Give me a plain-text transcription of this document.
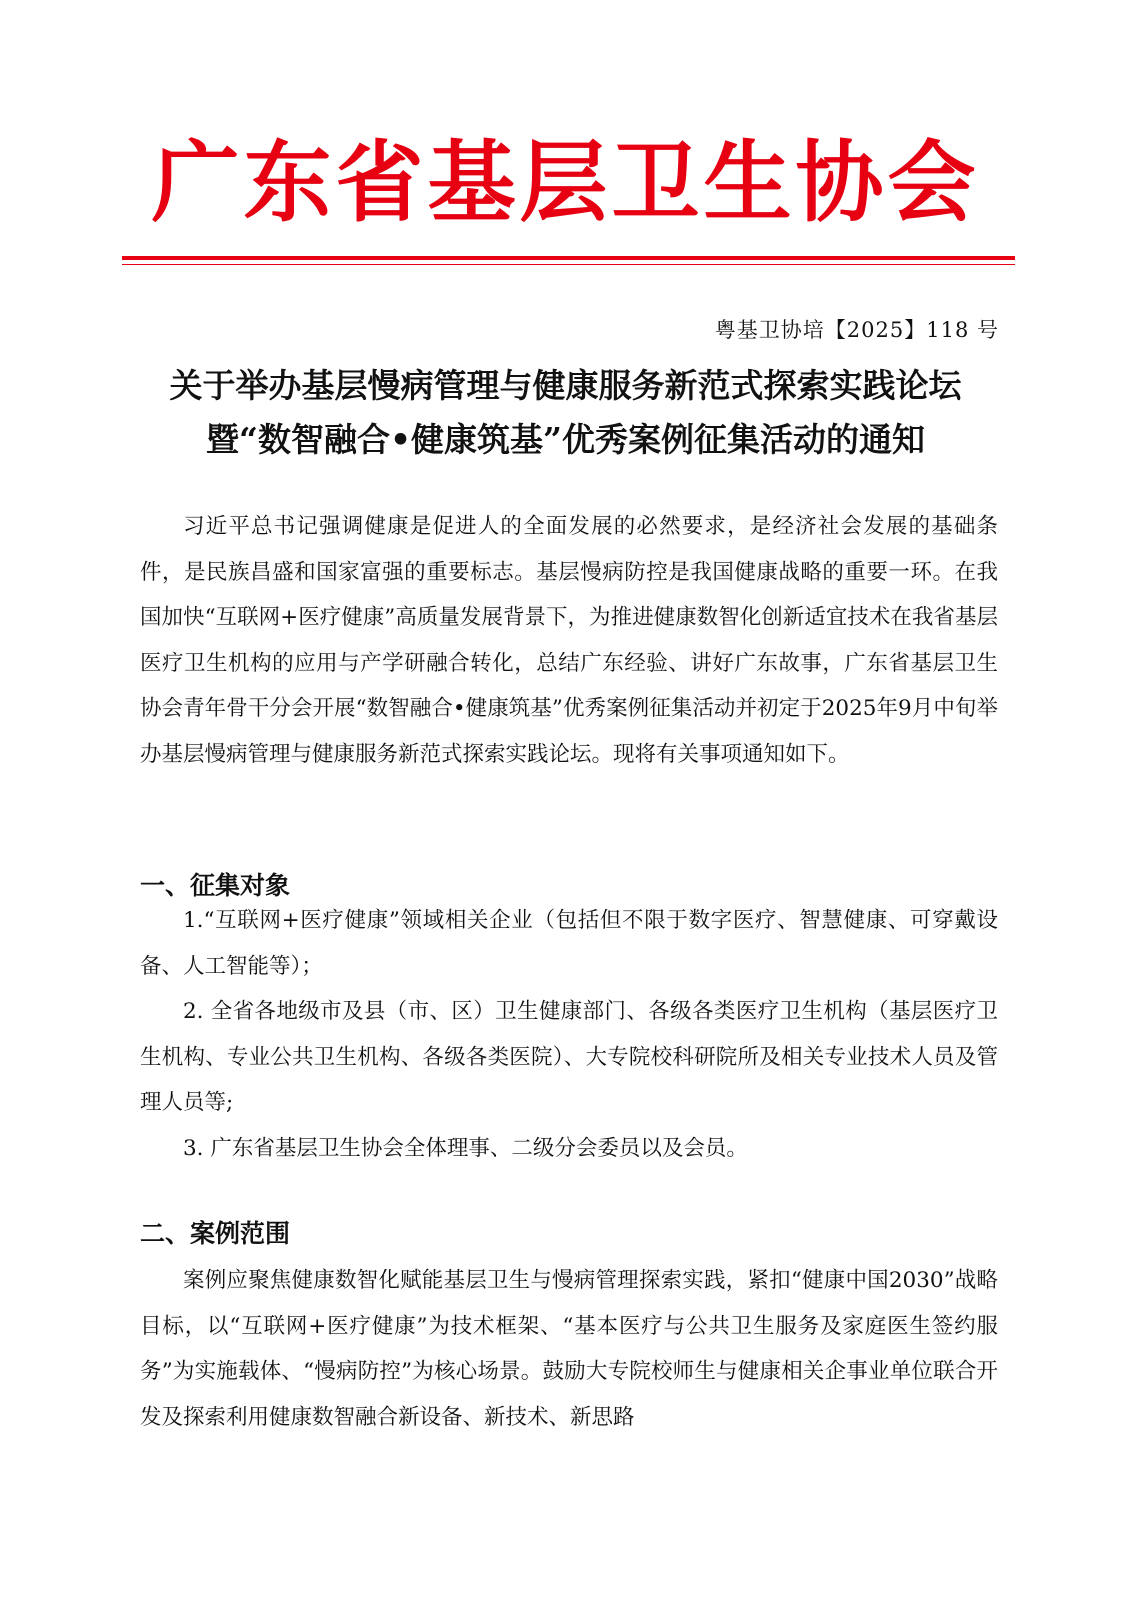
广东省基层卫生协会
粤基卫协培【2025】118 号
关于举办基层慢病管理与健康服务新范式探索实践论坛
暨“数智融合•健康筑基”优秀案例征集活动的通知

习近平总书记强调健康是促进人的全面发展的必然要求，是经济社会发展的基础条件，是民族昌盛和国家富强的重要标志。基层慢病防控是我国健康战略的重要一环。在我国加快“互联网+医疗健康”高质量发展背景下，为推进健康数智化创新适宜技术在我省基层医疗卫生机构的应用与产学研融合转化，总结广东经验、讲好广东故事，广东省基层卫生协会青年骨干分会开展“数智融合•健康筑基”优秀案例征集活动并初定于2025年9月中旬举办基层慢病管理与健康服务新范式探索实践论坛。现将有关事项通知如下。

一、征集对象

1.“互联网+医疗健康”领域相关企业（包括但不限于数字医疗、智慧健康、可穿戴设备、人工智能等）；

2. 全省各地级市及县（市、区）卫生健康部门、各级各类医疗卫生机构（基层医疗卫生机构、专业公共卫生机构、各级各类医院）、大专院校科研院所及相关专业技术人员及管理人员等;

3. 广东省基层卫生协会全体理事、二级分会委员以及会员。

二、案例范围

案例应聚焦健康数智化赋能基层卫生与慢病管理探索实践，紧扣“健康中国2030”战略目标，以“互联网+医疗健康”为技术框架、“基本医疗与公共卫生服务及家庭医生签约服务”为实施载体、“慢病防控”为核心场景。鼓励大专院校师生与健康相关企事业单位联合开发及探索利用健康数智融合新设备、新技术、新思路
